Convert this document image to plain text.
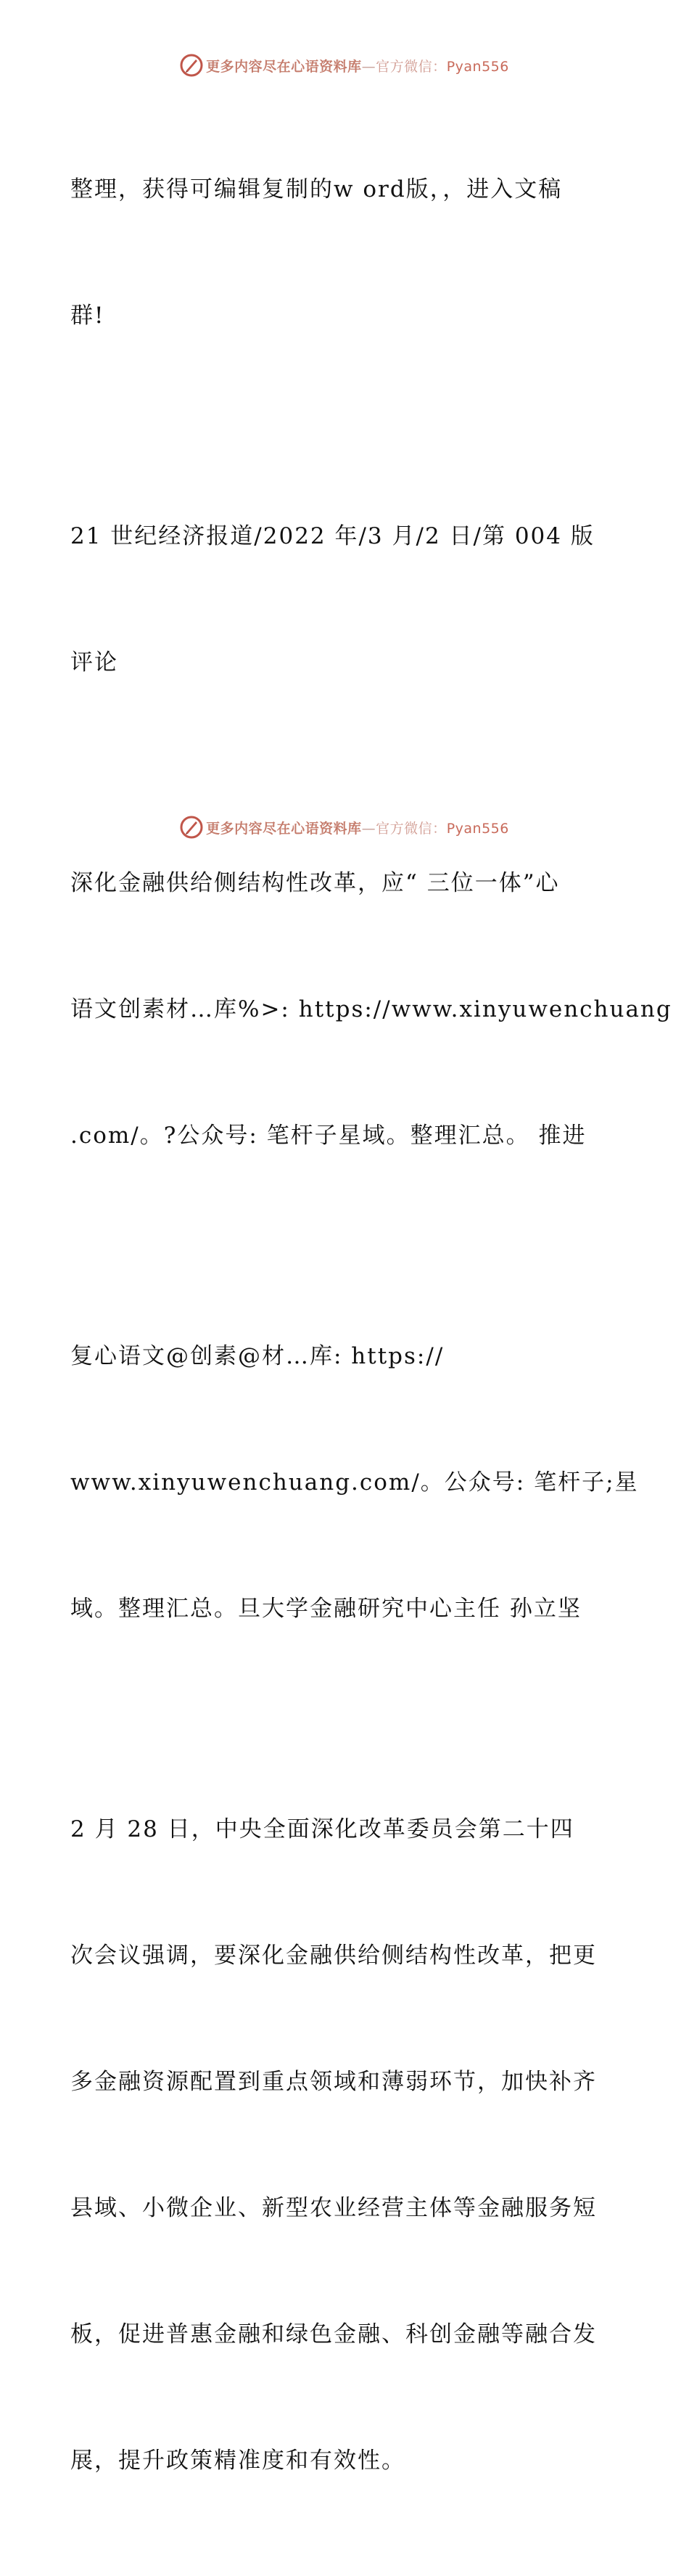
更多内容尽在心语资料库—官方微信：Pyan556

整理，获得可编辑复制的w ord版，，进入文稿

群!

21 世纪经济报道/2022 年/3 月/2 日/第 004 版

评论

深化金融供给侧结构性改革，应“ 三位一体”心

语文创素材…库%>: https://www.xinyuwenchuang

.com/。?公众号: 笔杆子星域。整理汇总。 推进

复心语文@创素@材…库: https://

www.xinyuwenchuang.com/。公众号: 笔杆子;星

域。整理汇总。旦大学金融研究中心主任 孙立坚

2 月 28 日，中央全面深化改革委员会第二十四

次会议强调，要深化金融供给侧结构性改革，把更

多金融资源配置到重点领域和薄弱环节，加快补齐

县域、小微企业、新型农业经营主体等金融服务短

板，促进普惠金融和绿色金融、科创金融等融合发

展，提升政策精准度和有效性。

更多内容尽在心语资料库—官方微信：Pyan556
